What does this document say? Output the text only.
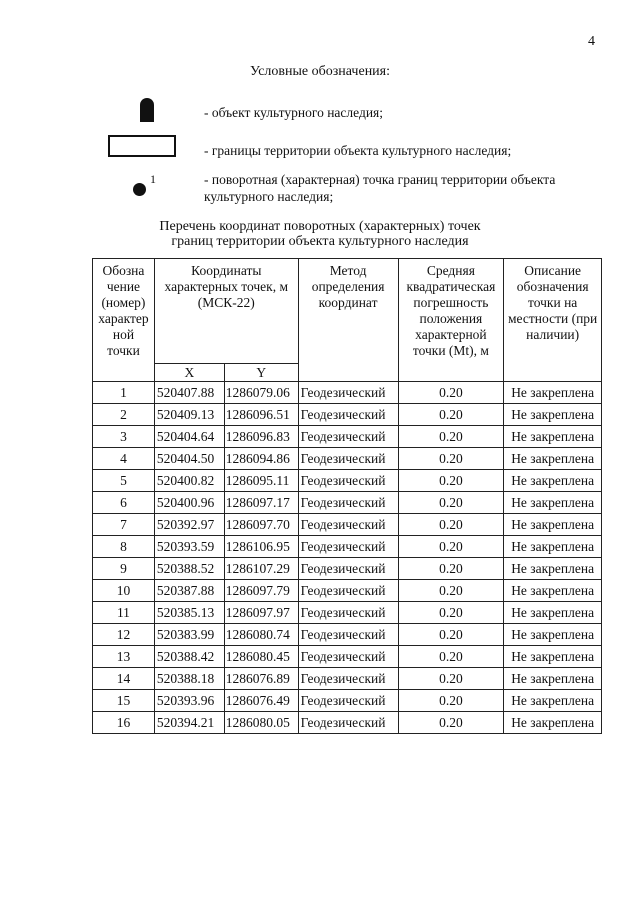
4
Условные обозначения:
- объект культурного наследия;
- границы территории объекта культурного наследия;
1	- поворотная (характерная) точка границ территории объекта
культурного наследия;
Перечень координат поворотных (характерных) точек
границ территории объекта культурного наследия
Обозна чение (номер) характер ной точки	Координаты характерных точек, м (МСК-22)		Метод определения координат	Средняя квадратическая погрешность положения характерной точки (Mt), м	Описание обозначения точки на местности (при наличии)
	X	Y			
1	520407.88	1286079.06	Геодезический	0.20	Не закреплена
2	520409.13	1286096.51	Геодезический	0.20	Не закреплена
3	520404.64	1286096.83	Геодезический	0.20	Не закреплена
4	520404.50	1286094.86	Геодезический	0.20	Не закреплена
5	520400.82	1286095.11	Геодезический	0.20	Не закреплена
6	520400.96	1286097.17	Геодезический	0.20	Не закреплена
7	520392.97	1286097.70	Геодезический	0.20	Не закреплена
8	520393.59	1286106.95	Геодезический	0.20	Не закреплена
9	520388.52	1286107.29	Геодезический	0.20	Не закреплена
10	520387.88	1286097.79	Геодезический	0.20	Не закреплена
11	520385.13	1286097.97	Геодезический	0.20	Не закреплена
12	520383.99	1286080.74	Геодезический	0.20	Не закреплена
13	520388.42	1286080.45	Геодезический	0.20	Не закреплена
14	520388.18	1286076.89	Геодезический	0.20	Не закреплена
15	520393.96	1286076.49	Геодезический	0.20	Не закреплена
16	520394.21	1286080.05	Геодезический	0.20	Не закреплена
